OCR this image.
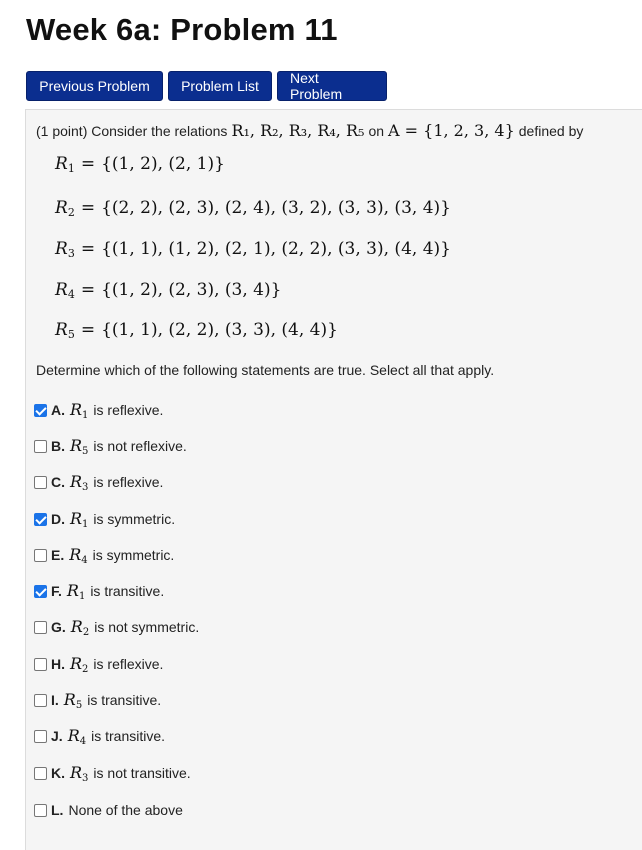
Week 6a: Problem 11
Previous Problem	Problem List	Next Problem
(1 point) Consider the relations R₁, R₂, R₃, R₄, R₅ on A = {1, 2, 3, 4} defined by
$R_1 = \{(1$, 2), (2, 1)}
$R_2 = \{(2$, 2), (2, 3), (2, 4), (3, 2), (3, 3), (3, 4)}
$R_3 = \{(1$, 1), (1, 2), (2, 1), (2, 2), (3, 3), (4, 4)}
$R_4 = \{(1$, 2), (2, 3), (3, 4)}
$R_5 = \{(1$, 1), (2, 2), (3, 3), (4, 4)}
Determine which of the following statements are true. Select all that apply.
A. $R_1$ is reflexive.
B. $R_5$ is not reflexive.
C. $R_3$ is reflexive.
D. $R_1$ is symmetric.
E. $R_4$ is symmetric.
F. $R_1$ is transitive.
G. $R_2$ is not symmetric.
H. $R_2$ is reflexive.
I. $R_5$ is transitive.
J. $R_4$ is transitive.
K. $R_3$ is not transitive.
L. None of the above
